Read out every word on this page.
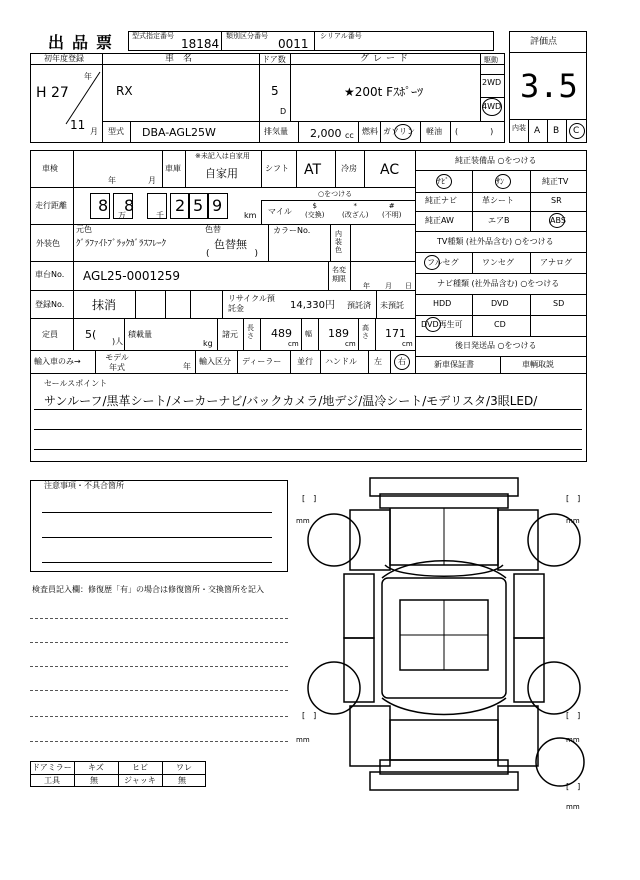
出品票 型式指定番号
18184
類別区分番号
0011
シリアル番号
初年度登録
H 27
年
11 月
車　名
RX
ドア数
5
D
グレード
★200t Fｽﾎﾟｰﾂ
駆動
2WD
4WD
型式 DBA-AGL25W	排気量 2,000 cc 燃料 ガソリン 軽油 (　　　　)
評価点
3.5
内装 A B C
車検
年	月
車庫
※未記入は自家用
自家用	シフト AT 冷房 AC
走行距離 8 8
万
2
千
5 9
km
○をつける
マイル
$
(交換)
*
(改ざん)
#
(不明)
外装色
元色
ｸﾞﾗﾌｧｲﾄﾌﾞﾗｯｸｶﾞﾗｽﾌﾚｰｸ
色替
色替無
(　　　　　)
カラーNo.	内装色
車台No. AGL25-0001259	名変期限
年 月 日
登録No. 抹消	リサイクル預託金	14,330円 預託済 未預託
定員 5(
)人
積載量
kg
諸元
長さ 489
cm
幅 189
cm
高さ 171
cm
輸入車のみ→	モデル年式	年
輸入区分 ディーラー 並行 ハンドル 左 右
純正装備品 ○をつける
ﾅﾋﾞ	ｻﾝ	純正TV
純正ナビ	革シート	SR
純正AW	エアB	ABS
TV種類 (社外品含む) ○をつける
フルセグ	ワンセグ	アナログ
ナビ種類 (社外品含む) ○をつける
HDD	DVD	SD
DVD再生可	CD
後日発送品 ○をつける
新車保証書	車輌取説
セールスポイント
サンルーフ/黒革シート/メーカーナビ/バックカメラ/地デジ/温冷シート/モデリスタ/3眼LED/
注意事項・不具合箇所
検査員記入欄：修復歴「有」の場合は修復箇所・交換箇所を記入
[　]
mm
[　]
mm
[　]
mm
[　]
mm
[　]
mm
ドアミラー キズ	ヒビ	ワレ
工具	無	ジャッキ	無
